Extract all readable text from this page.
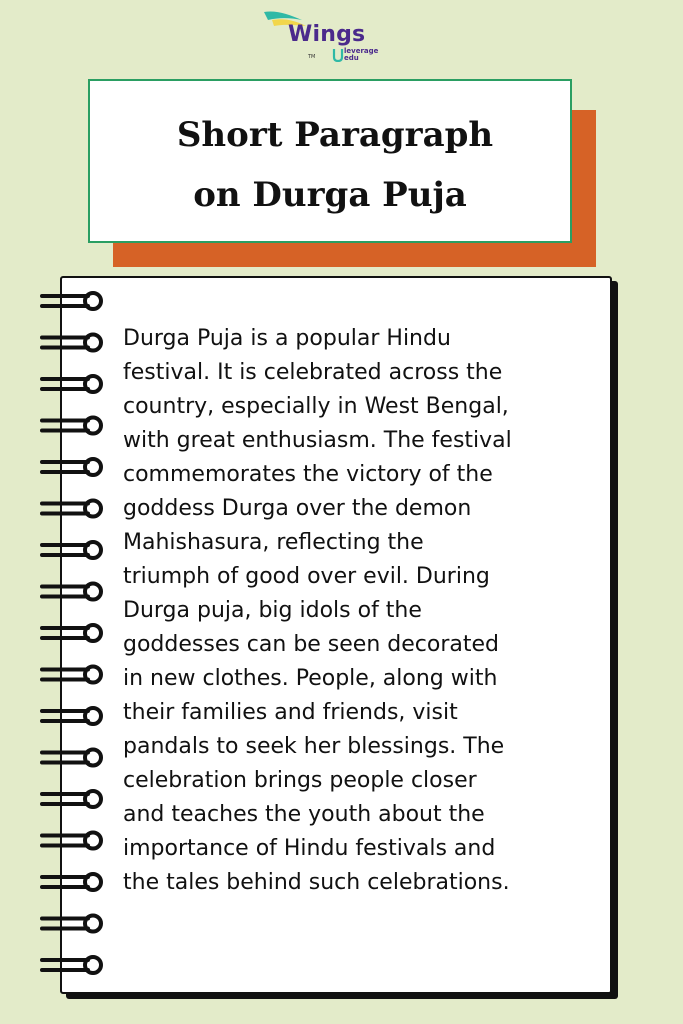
Wings
TM
leverage
edu
Short Paragraph
on Durga Puja
Durga Puja is a popular Hindu
festival. It is celebrated across the
country, especially in West Bengal,
with great enthusiasm. The festival
commemorates the victory of the
goddess Durga over the demon
Mahishasura, reflecting the
triumph of good over evil. During
Durga puja, big idols of the
goddesses can be seen decorated
in new clothes. People, along with
their families and friends, visit
pandals to seek her blessings. The
celebration brings people closer
and teaches the youth about the
importance of Hindu festivals and
the tales behind such celebrations.
